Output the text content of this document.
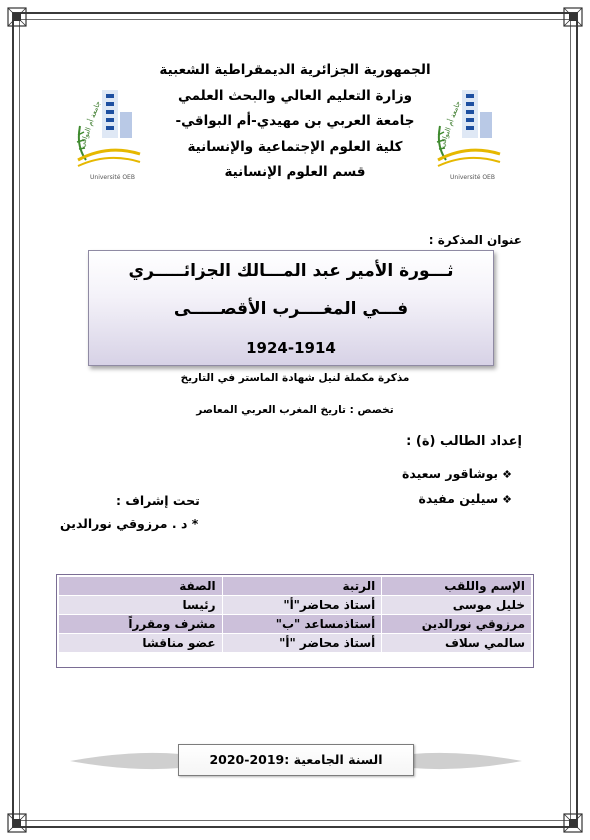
جامعة أم البواقي
Université OEB
جامعة أم البواقي
Université OEB
الجمهورية الجزائرية الديمقراطية الشعبية
وزارة التعليم العالي والبحث العلمي
جامعة العربي بن مهيدي-أم البواقي-
كلية العلوم الإجتماعية والإنسانية
قسم العلوم الإنسانية
عنوان المذكرة :
ثـــورة الأمير عبد المـــالك الجزائـــــري
فـــي المغــــرب الأقصـــــى
1924-1914
مذكرة مكملة لنيل شهادة الماستر في التاريخ
تخصص : تاريخ المغرب العربي المعاصر
إعداد الطالب (ة) :
❖بوشاقور سعيدة
❖سيلين مفيدة
تحت إشراف :
* د . مرزوقي نورالدين
الإسم واللقب	الرتبة	الصفة
خليل موسى	أستاذ محاضر"أ"	رئيسا
مرزوقي نورالدين	أستاذمساعد "ب"	مشرف ومقرراً
سالمي سلاف	أستاذ محاضر "أ"	عضو مناقشا
السنة الجامعية :2019-2020
